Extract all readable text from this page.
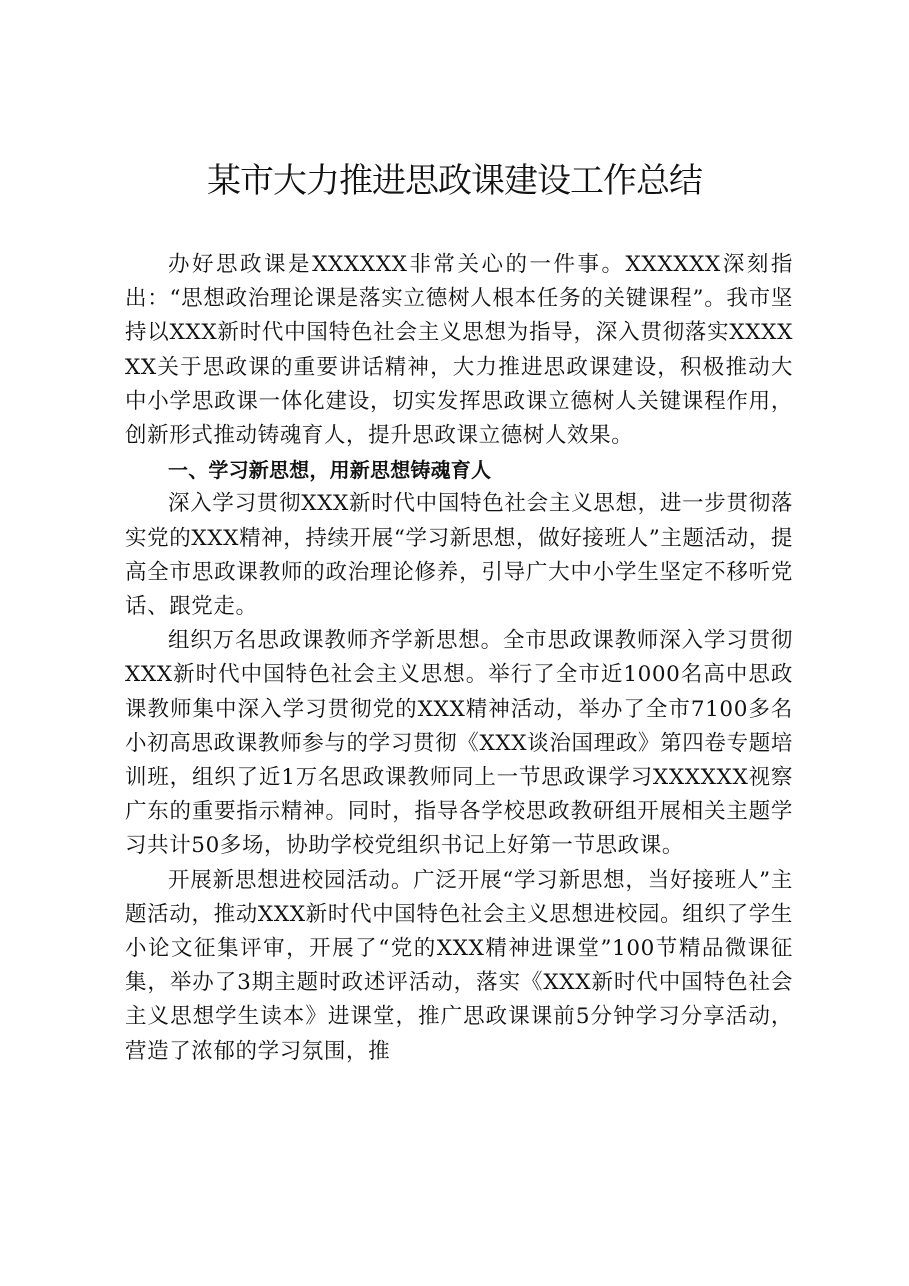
某市大力推进思政课建设工作总结

办好思政课是XXXXXX非常关心的一件事。XXXXXX深刻指出：“思想政治理论课是落实立德树人根本任务的关键课程”。我市坚持以XXX新时代中国特色社会主义思想为指导，深入贯彻落实XXXXXX关于思政课的重要讲话精神，大力推进思政课建设，积极推动大中小学思政课一体化建设，切实发挥思政课立德树人关键课程作用，创新形式推动铸魂育人，提升思政课立德树人效果。

一、学习新思想，用新思想铸魂育人

深入学习贯彻XXX新时代中国特色社会主义思想，进一步贯彻落实党的XXX精神，持续开展“学习新思想，做好接班人”主题活动，提高全市思政课教师的政治理论修养，引导广大中小学生坚定不移听党话、跟党走。

组织万名思政课教师齐学新思想。全市思政课教师深入学习贯彻XXX新时代中国特色社会主义思想。举行了全市近1000名高中思政课教师集中深入学习贯彻党的XXX精神活动，举办了全市7100多名小初高思政课教师参与的学习贯彻《XXX谈治国理政》第四卷专题培训班，组织了近1万名思政课教师同上一节思政课学习XXXXXX视察广东的重要指示精神。同时，指导各学校思政教研组开展相关主题学习共计50多场，协助学校党组织书记上好第一节思政课。

开展新思想进校园活动。广泛开展“学习新思想，当好接班人”主题活动，推动XXX新时代中国特色社会主义思想进校园。组织了学生小论文征集评审，开展了“党的XXX精神进课堂”100节精品微课征集，举办了3期主题时政述评活动，落实《XXX新时代中国特色社会主义思想学生读本》进课堂，推广思政课课前5分钟学习分享活动，营造了浓郁的学习氛围，推
